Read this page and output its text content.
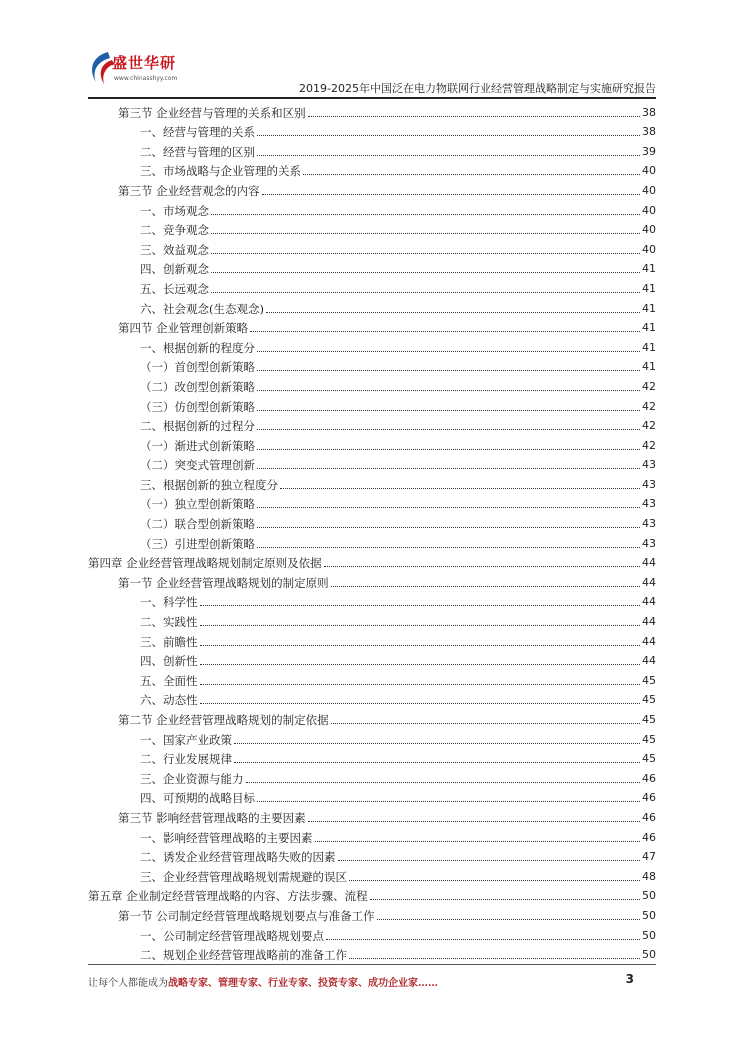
盛世华研
www.chinasshyy.com
2019-2025年中国泛在电力物联网行业经营管理战略制定与实施研究报告
第三节 企业经营与管理的关系和区别	38
一、经营与管理的关系	38
二、经营与管理的区别	39
三、市场战略与企业管理的关系	40
第三节 企业经营观念的内容	40
一、市场观念	40
二、竞争观念	40
三、效益观念	40
四、创新观念	41
五、长远观念	41
六、社会观念(生态观念)	41
第四节 企业管理创新策略	41
一、根据创新的程度分	41
（一）首创型创新策略	41
（二）改创型创新策略	42
（三）仿创型创新策略	42
二、根据创新的过程分	42
（一）渐进式创新策略	42
（二）突变式管理创新	43
三、根据创新的独立程度分	43
（一）独立型创新策略	43
（二）联合型创新策略	43
（三）引进型创新策略	43
第四章 企业经营管理战略规划制定原则及依据	44
第一节 企业经营管理战略规划的制定原则	44
一、科学性	44
二、实践性	44
三、前瞻性	44
四、创新性	44
五、全面性	45
六、动态性	45
第二节 企业经营管理战略规划的制定依据	45
一、国家产业政策	45
二、行业发展规律	45
三、企业资源与能力	46
四、可预期的战略目标	46
第三节 影响经营管理战略的主要因素	46
一、影响经营管理战略的主要因素	46
二、诱发企业经营管理战略失败的因素	47
三、企业经营管理战略规划需规避的误区	48
第五章 企业制定经营管理战略的内容、方法步骤、流程	50
第一节 公司制定经营管理战略规划要点与准备工作	50
一、公司制定经营管理战略规划要点	50
二、规划企业经营管理战略前的准备工作	50
让每个人都能成为战略专家、管理专家、行业专家、投资专家、成功企业家……	3
